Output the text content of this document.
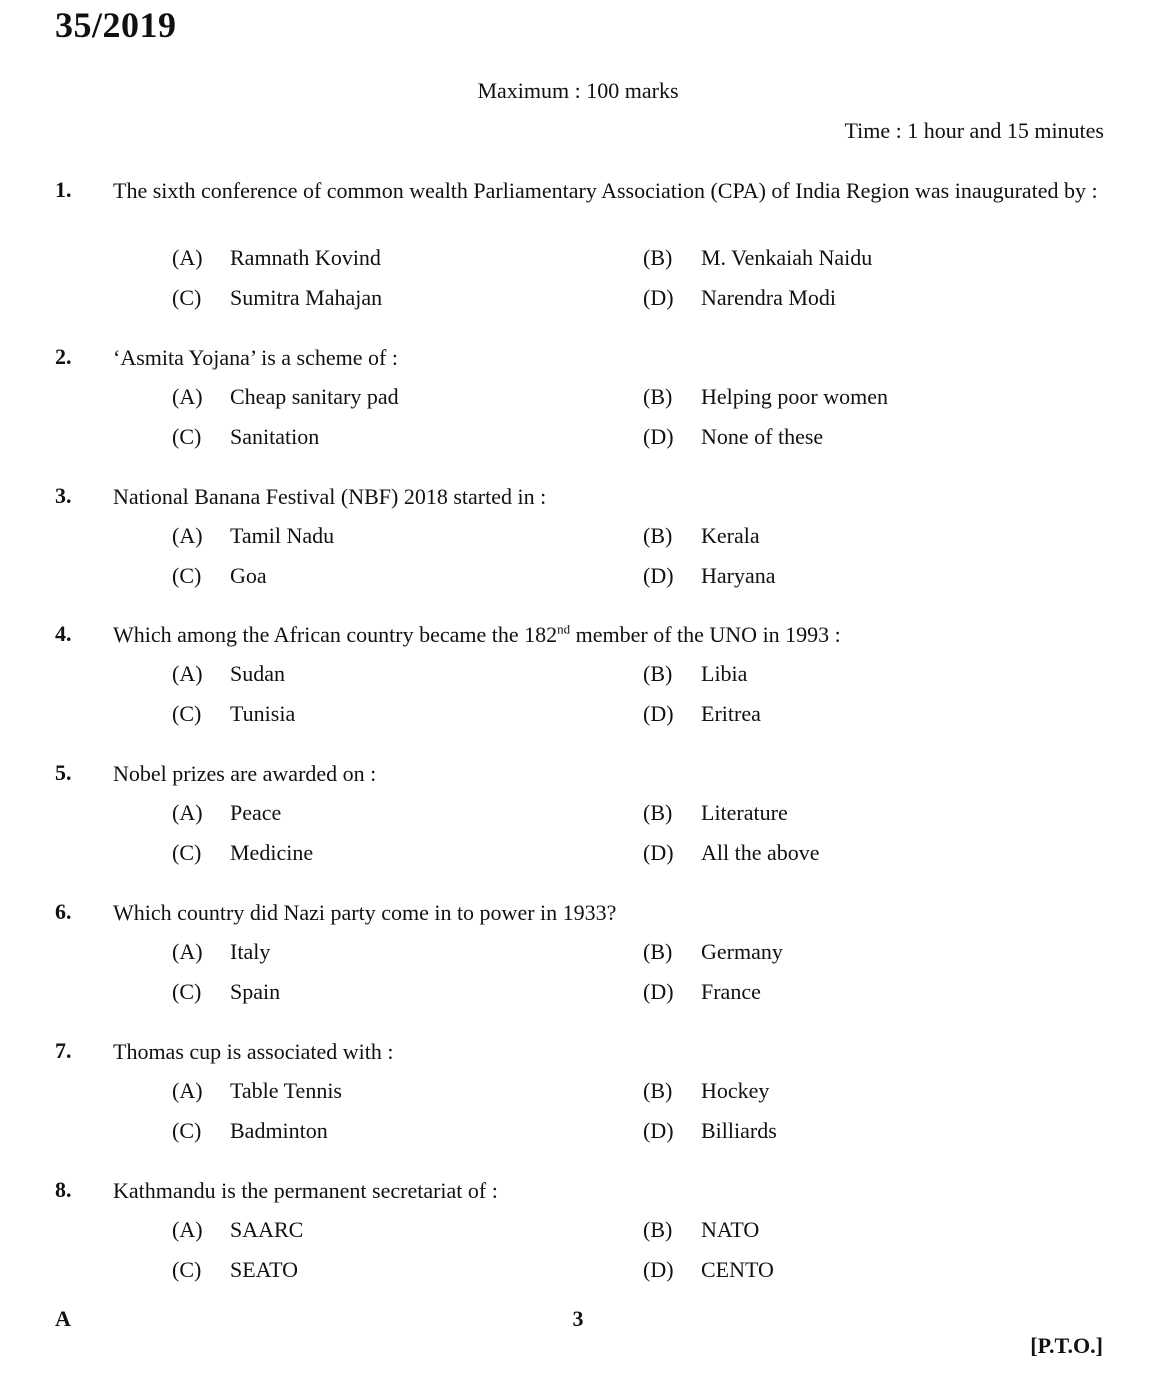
35/2019
Maximum : 100 marks
Time : 1 hour and 15 minutes
1. The sixth conference of common wealth Parliamentary Association (CPA) of India Region was inaugurated by :
(A) Ramnath Kovind	(B) M. Venkaiah Naidu
(C) Sumitra Mahajan	(D) Narendra Modi
2. ‘Asmita Yojana’ is a scheme of :
(A) Cheap sanitary pad	(B) Helping poor women
(C) Sanitation	(D) None of these
3. National Banana Festival (NBF) 2018 started in :
(A) Tamil Nadu	(B) Kerala
(C) Goa	(D) Haryana
4. Which among the African country became the 182nd member of the UNO in 1993 :
(A) Sudan	(B) Libia
(C) Tunisia	(D) Eritrea
5. Nobel prizes are awarded on :
(A) Peace	(B) Literature
(C) Medicine	(D) All the above
6. Which country did Nazi party come in to power in 1933?
(A) Italy	(B) Germany
(C) Spain	(D) France
7. Thomas cup is associated with :
(A) Table Tennis	(B) Hockey
(C) Badminton	(D) Billiards
8. Kathmandu is the permanent secretariat of :
(A) SAARC	(B) NATO
(C) SEATO	(D) CENTO
A	3
[P.T.O.]
